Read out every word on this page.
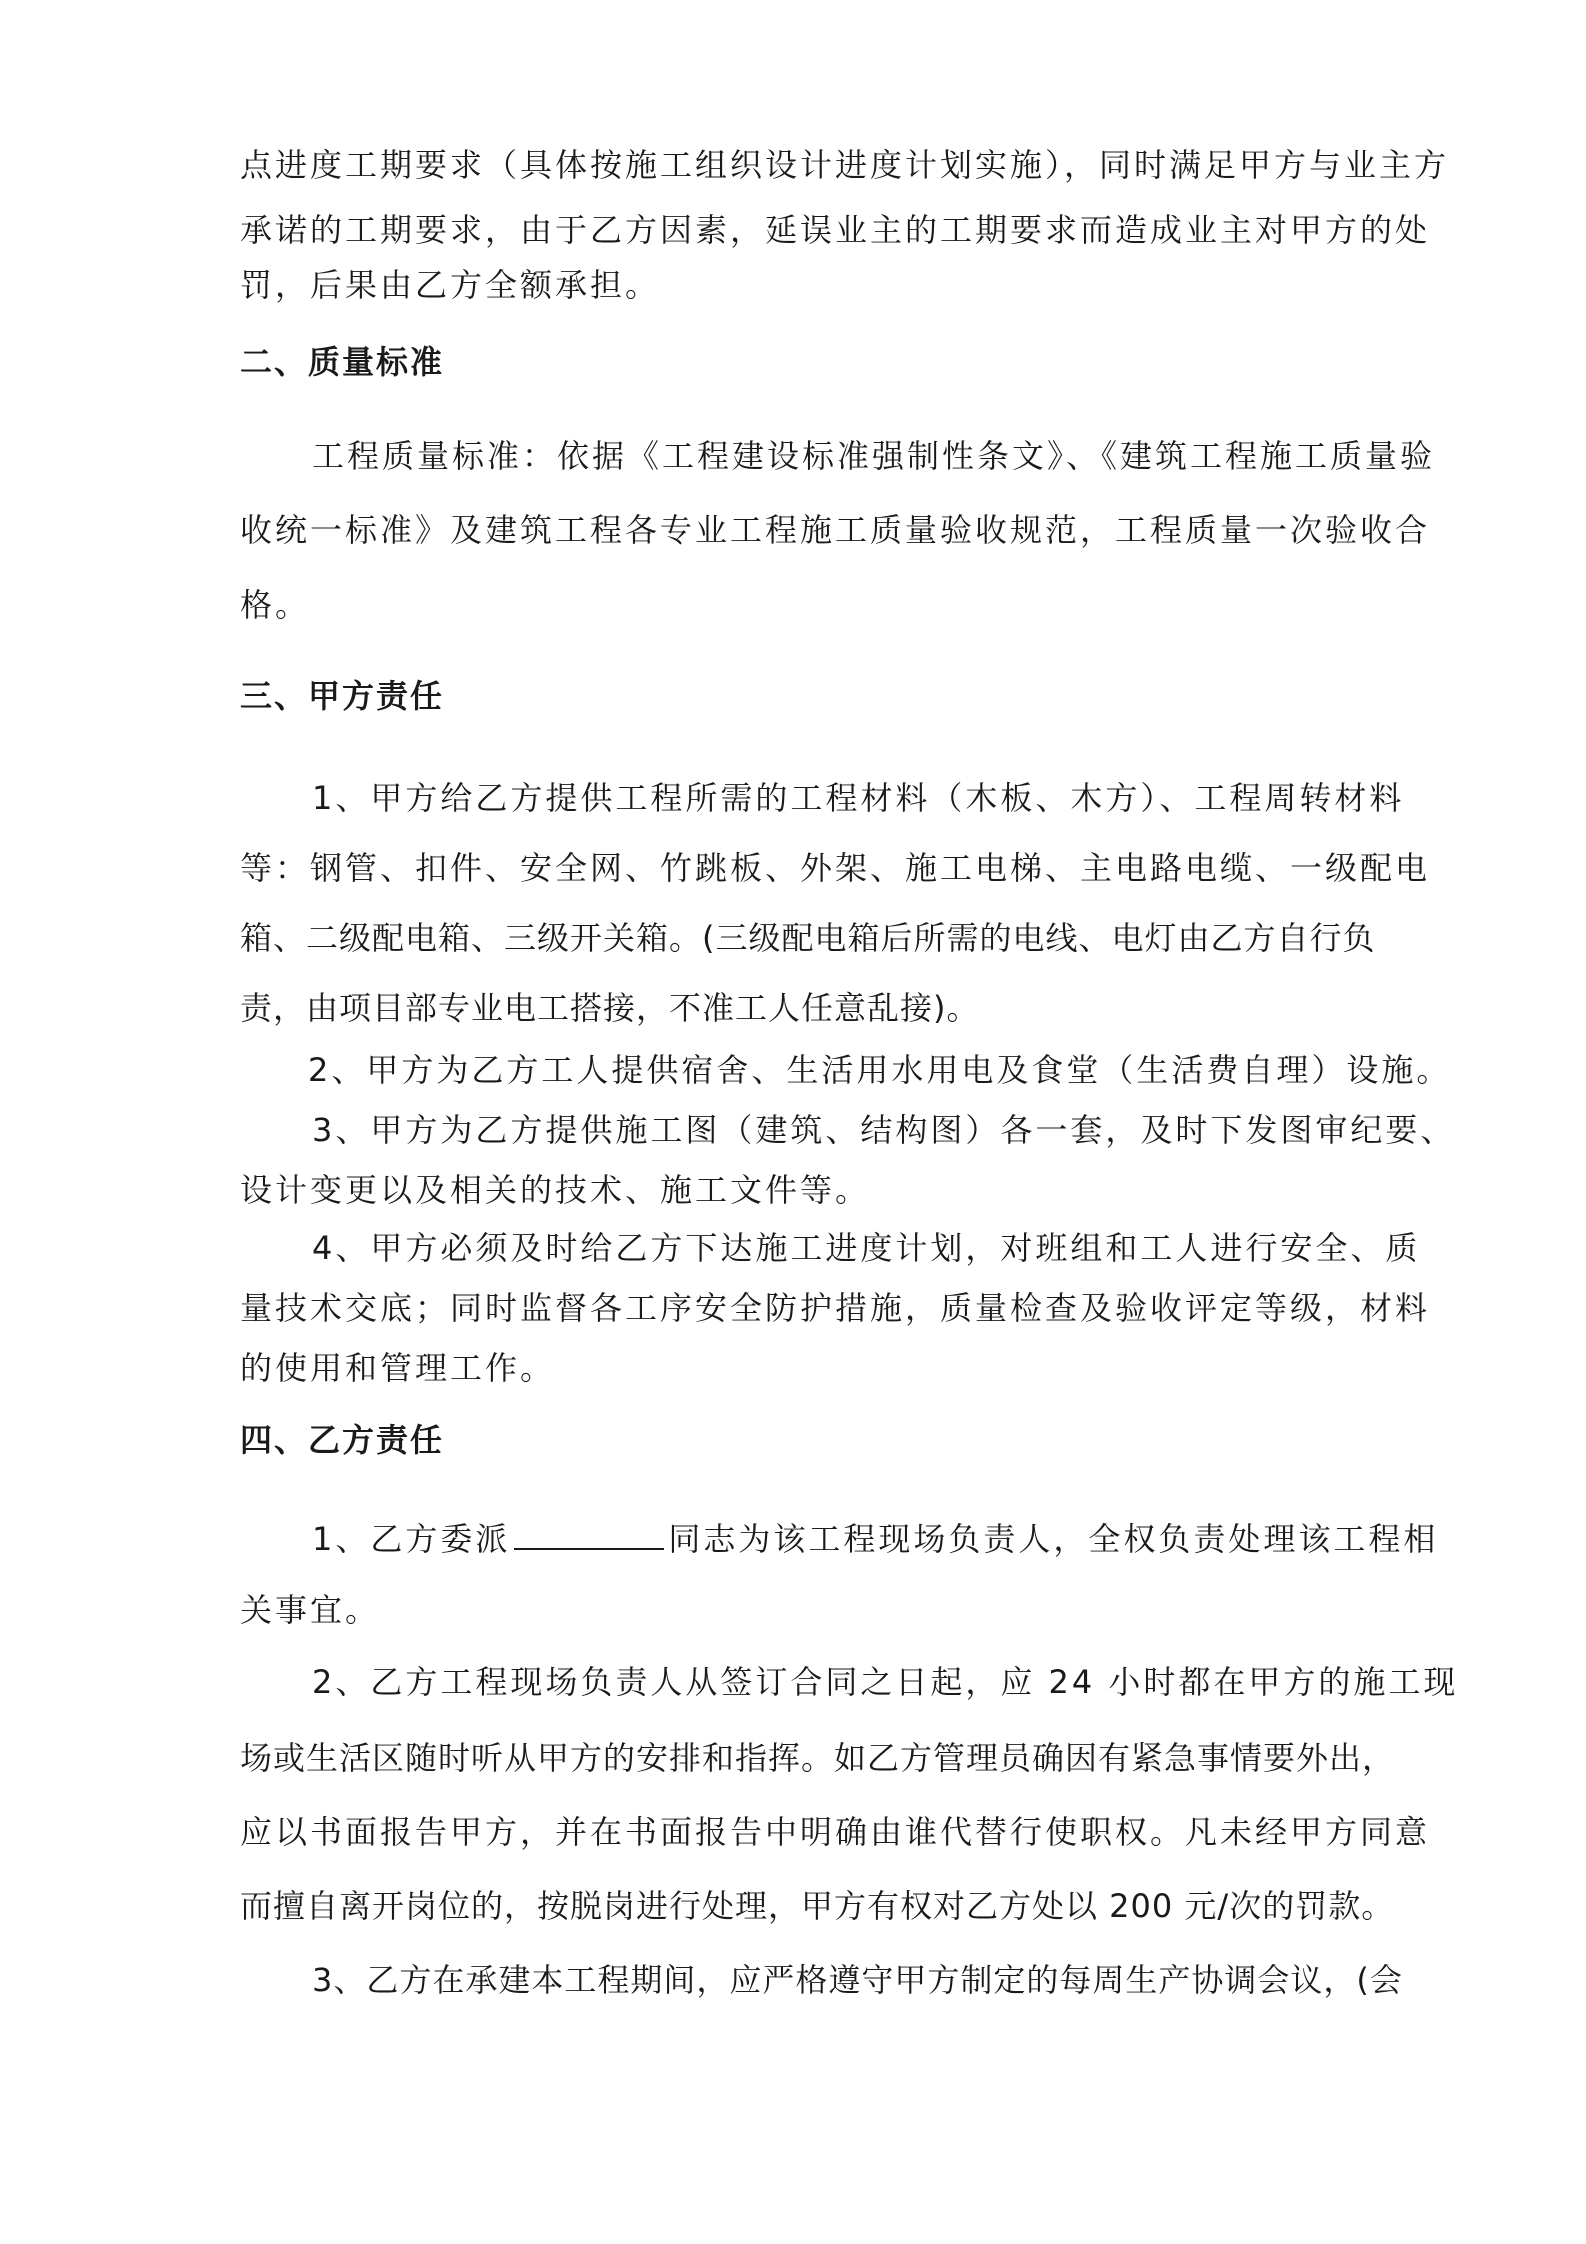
点进度工期要求（具体按施工组织设计进度计划实施），同时满足甲方与业主方
承诺的工期要求，由于乙方因素，延误业主的工期要求而造成业主对甲方的处
罚，后果由乙方全额承担。
二、质量标准
工程质量标准：依据《工程建设标准强制性条文》、《建筑工程施工质量验
收统一标准》及建筑工程各专业工程施工质量验收规范，工程质量一次验收合
格。
三、甲方责任
1、甲方给乙方提供工程所需的工程材料（木板、木方）、工程周转材料
等：钢管、扣件、安全网、竹跳板、外架、施工电梯、主电路电缆、一级配电
箱、二级配电箱、三级开关箱。(三级配电箱后所需的电线、电灯由乙方自行负
责，由项目部专业电工搭接，不准工人任意乱接)。
2、甲方为乙方工人提供宿舍、生活用水用电及食堂（生活费自理）设施。
3、甲方为乙方提供施工图（建筑、结构图）各一套，及时下发图审纪要、
设计变更以及相关的技术、施工文件等。
4、甲方必须及时给乙方下达施工进度计划，对班组和工人进行安全、质
量技术交底；同时监督各工序安全防护措施，质量检查及验收评定等级，材料
的使用和管理工作。
四、乙方责任
1、乙方委派	同志为该工程现场负责人，全权负责处理该工程相
关事宜。
2、乙方工程现场负责人从签订合同之日起，应 24 小时都在甲方的施工现
场或生活区随时听从甲方的安排和指挥。如乙方管理员确因有紧急事情要外出，
应以书面报告甲方，并在书面报告中明确由谁代替行使职权。凡未经甲方同意
而擅自离开岗位的，按脱岗进行处理，甲方有权对乙方处以 200 元/次的罚款。
3、乙方在承建本工程期间，应严格遵守甲方制定的每周生产协调会议，(会
